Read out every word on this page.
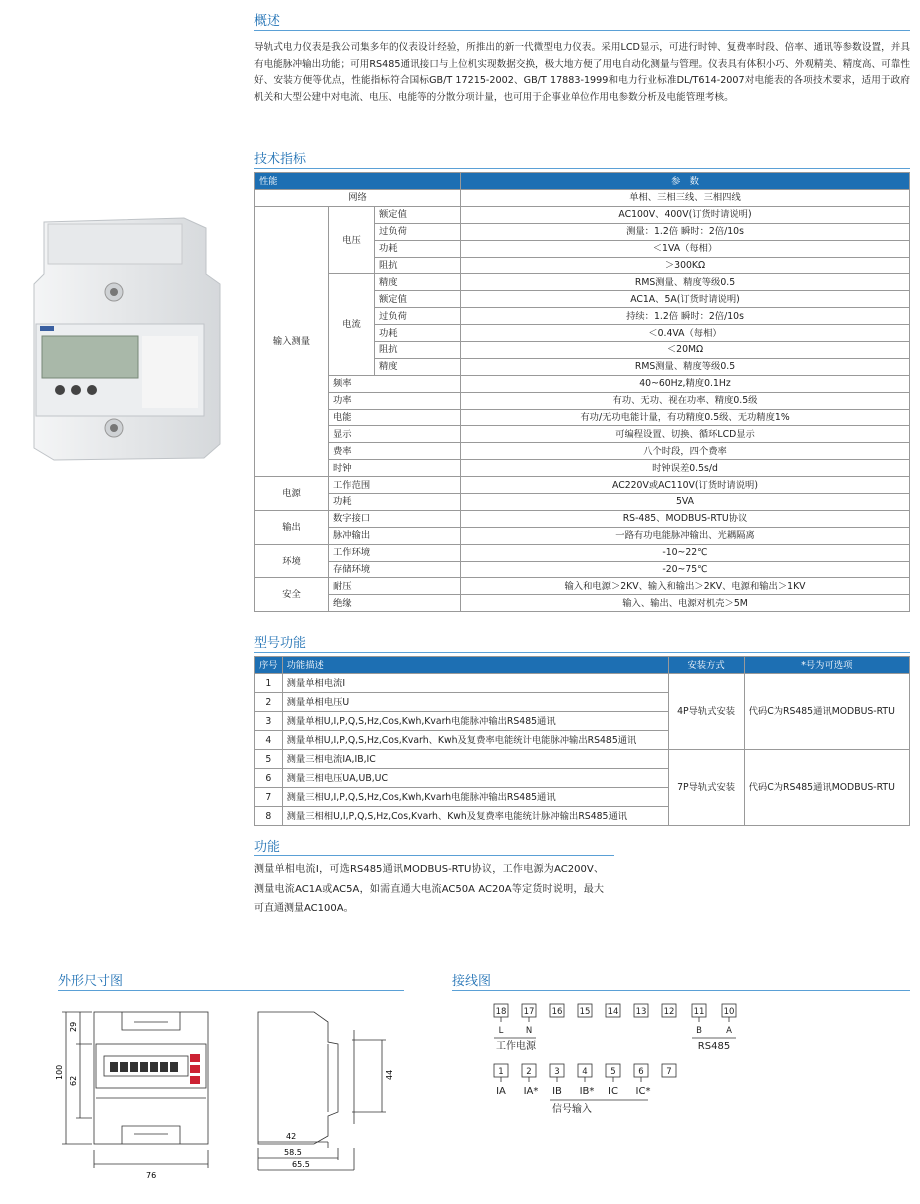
概述
导轨式电力仪表是我公司集多年的仪表设计经验，所推出的新一代微型电力仪表。采用LCD显示，可进行时钟、复费率时段、倍率、通讯等参数设置，并具有电能脉冲输出功能；可用RS485通讯接口与上位机实现数据交换，极大地方便了用电自动化测量与管理。仪表具有体积小巧、外观精美、精度高、可靠性好、安装方便等优点，性能指标符合国标GB/T 17215-2002、GB/T 17883-1999和电力行业标准DL/T614-2007对电能表的各项技术要求，适用于政府机关和大型公建中对电流、电压、电能等的分散分项计量，也可用于企事业单位作用电参数分析及电能管理考核。
技术指标
性能			参　数
网络			单相、三相三线、三相四线
输入测量	电压	额定值	AC100V、400V(订货时请说明)
		过负荷	测量：1.2倍 瞬时：2倍/10s
		功耗	＜1VA（每相）
		阻抗	＞300KΩ
	电流	精度	RMS测量、精度等级0.5
		额定值	AC1A、5A(订货时请说明)
		过负荷	持续：1.2倍 瞬时：2倍/10s
		功耗	＜0.4VA（每相）
		阻抗	＜20MΩ
		精度	RMS测量、精度等级0.5
	频率		40~60Hz,精度0.1Hz
	功率		有功、无功、视在功率、精度0.5级
	电能		有功/无功电能计量，有功精度0.5级、无功精度1%
	显示		可编程设置、切换、循环LCD显示
	费率		八个时段，四个费率
	时钟		时钟误差0.5s/d
电源	工作范围		AC220V或AC110V(订货时请说明)
	功耗		5VA
输出	数字接口		RS-485、MODBUS-RTU协议
	脉冲输出		一路有功电能脉冲输出、光耦隔离
环境	工作环境		-10~22℃
	存储环境		-20~75℃
安全	耐压		输入和电源＞2KV、输入和输出＞2KV、电源和输出＞1KV
	绝缘		输入、输出、电源对机壳＞5M
型号功能
序号	功能描述	安装方式	*号为可选项
1	测量单相电流I	4P导轨式安装	代码C为RS485通讯MODBUS-RTU
2	测量单相电压U		
3	测量单相U,I,P,Q,S,Hz,Cos,Kwh,Kvarh电能脉冲输出RS485通讯		
4	测量单相U,I,P,Q,S,Hz,Cos,Kvarh、Kwh及复费率电能统计电能脉冲输出RS485通讯		
5	测量三相电流IA,IB,IC	7P导轨式安装	代码C为RS485通讯MODBUS-RTU
6	测量三相电压UA,UB,UC		
7	测量三相U,I,P,Q,S,Hz,Cos,Kwh,Kvarh电能脉冲输出RS485通讯		
8	测量三相相U,I,P,Q,S,Hz,Cos,Kvarh、Kwh及复费率电能统计脉冲输出RS485通讯		
功能
测量单相电流I，可选RS485通讯MODBUS-RTU协议，工作电源为AC200V、测量电流AC1A或AC5A，如需直通大电流AC50A AC20A等定货时说明，最大可直通测量AC100A。
外形尺寸图
29
62
100
76
44
42
58.5
65.5
接线图
18 17 16 15 14 13 12 11 10
L	N	B	A
工作电源	RS485
1	2	3	4	5	6	7
IA IA* IB IB* IC IC*
信号输入
